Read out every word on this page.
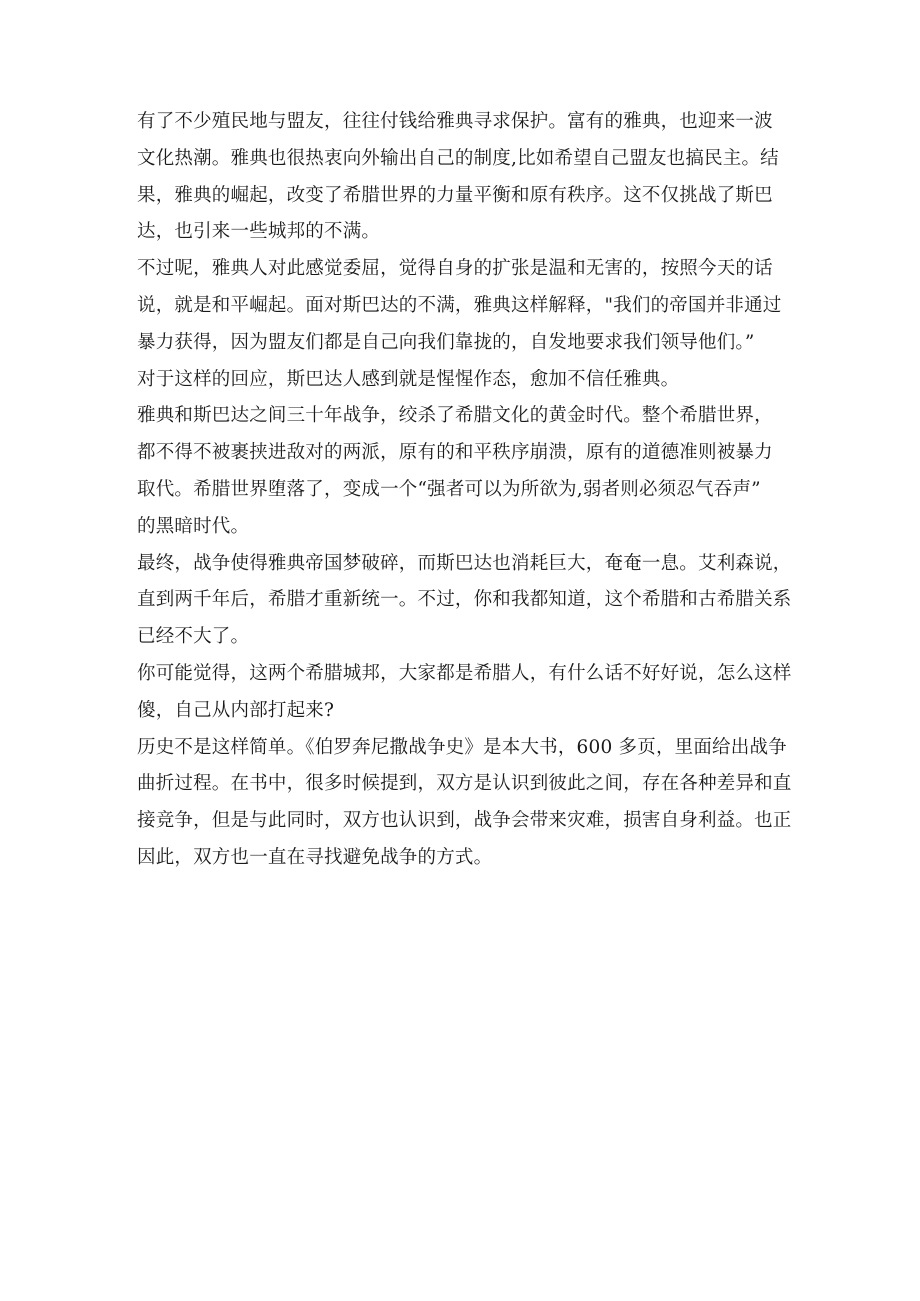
有了不少殖民地与盟友，往往付钱给雅典寻求保护。富有的雅典，也迎来一波
文化热潮。雅典也很热衷向外输出自己的制度,比如希望自己盟友也搞民主。结
果，雅典的崛起，改变了希腊世界的力量平衡和原有秩序。这不仅挑战了斯巴
达，也引来一些城邦的不满。
不过呢，雅典人对此感觉委屈，觉得自身的扩张是温和无害的，按照今天的话
说，就是和平崛起。面对斯巴达的不满，雅典这样解释，"我们的帝国并非通过
暴力获得，因为盟友们都是自己向我们靠拢的，自发地要求我们领导他们。”
对于这样的回应，斯巴达人感到就是惺惺作态，愈加不信任雅典。
雅典和斯巴达之间三十年战争，绞杀了希腊文化的黄金时代。整个希腊世界，
都不得不被裹挟进敌对的两派，原有的和平秩序崩溃，原有的道德准则被暴力
取代。希腊世界堕落了，变成一个“强者可以为所欲为,弱者则必须忍气吞声”
的黑暗时代。
最终，战争使得雅典帝国梦破碎，而斯巴达也消耗巨大，奄奄一息。艾利森说，
直到两千年后，希腊才重新统一。不过，你和我都知道，这个希腊和古希腊关系
已经不大了。
你可能觉得，这两个希腊城邦，大家都是希腊人，有什么话不好好说，怎么这样
傻，自己从内部打起来?
历史不是这样简单。《伯罗奔尼撒战争史》是本大书，600 多页，里面给出战争
曲折过程。在书中，很多时候提到，双方是认识到彼此之间，存在各种差异和直
接竞争，但是与此同时，双方也认识到，战争会带来灾难，损害自身利益。也正
因此，双方也一直在寻找避免战争的方式。
